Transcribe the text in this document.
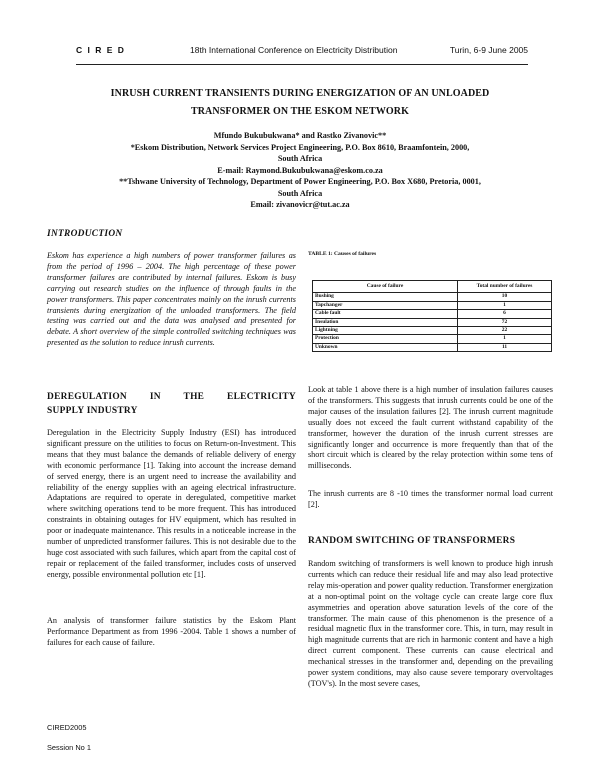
C I R E D	18th International Conference on Electricity Distribution	Turin, 6-9 June 2005
INRUSH CURRENT TRANSIENTS DURING ENERGIZATION OF AN UNLOADED
TRANSFORMER ON THE ESKOM NETWORK
Mfundo Bukubukwana* and Rastko Zivanovic**
*Eskom Distribution, Network Services Project Engineering, P.O. Box 8610, Braamfontein, 2000,
South Africa
E-mail: Raymond.Bukubukwana@eskom.co.za
**Tshwane University of Technology, Department of Power Engineering, P.O. Box X680, Pretoria, 0001,
South Africa
Email: zivanovicr@tut.ac.za
INTRODUCTION
Eskom has experience a high numbers of power transformer failures as from the period of 1996 – 2004. The high percentage of these power transformer failures are contributed by internal failures. Eskom is busy carrying out research studies on the influence of through faults in the power transformers. This paper concentrates mainly on the inrush currents transients during energization of the unloaded transformers. The field testing was carried out and the data was analysed and presented for debate. A short overview of the simple controlled switching techniques was presented as the solution to reduce inrush currents.
TABLE 1: Causes of failures
Cause of failure	Total number of failures
Bushing	10
Tapchanger	1
Cable fault	6
Insulation	72
Lightning	22
Protection	1
Unknown	11
DEREGULATION IN THE ELECTRICITY
SUPPLY INDUSTRY
Deregulation in the Electricity Supply Industry (ESI) has introduced significant pressure on the utilities to focus on Return-on-Investment. This means that they must balance the demands of reliable delivery of energy with economic performance [1]. Taking into account the increase demand of served energy, there is an urgent need to increase the availability and reliability of the energy supplies with an ageing electrical infrastructure. Adaptations are required to operate in deregulated, competitive market where switching operations tend to be more frequent. This has introduced constraints in obtaining outages for HV equipment, which has resulted in poor or inadequate maintenance. This results in a noticeable increase in the number of unpredicted transformer failures. This is not desirable due to the huge cost associated with such failures, which apart from the capital cost of repair or replacement of the failed transformer, includes costs of unserved energy, possible environmental pollution etc [1].
An analysis of transformer failure statistics by the Eskom Plant Performance Department as from 1996 -2004. Table 1 shows a number of failures for each cause of failure.
Look at table 1 above there is a high number of insulation failures causes of the transformers. This suggests that inrush currents could be one of the major causes of the insulation failures [2]. The inrush current magnitude usually does not exceed the fault current withstand capability of the transformer, however the duration of the inrush current stresses are significantly longer and occurrence is more frequently than that of the short circuit which is cleared by the relay protection within some tens of milliseconds.
The inrush currents are 8 -10 times the transformer normal load current [2].
RANDOM SWITCHING OF TRANSFORMERS
Random switching of transformers is well known to produce high inrush currents which can reduce their residual life and may also lead protective relay mis-operation and power quality reduction. Transformer energization at a non-optimal point on the voltage cycle can create large core flux asymmetries and operation above saturation levels of the core of the transformer. The main cause of this phenomenon is the presence of a residual magnetic flux in the transformer core. This, in turn, may result in high magnitude currents that are rich in harmonic content and have a high direct current component. These currents can cause electrical and mechanical stresses in the transformer and, depending on the prevailing power system conditions, may also cause severe temporary overvoltages (TOV's). In the most severe cases,
CIRED2005
Session No 1
